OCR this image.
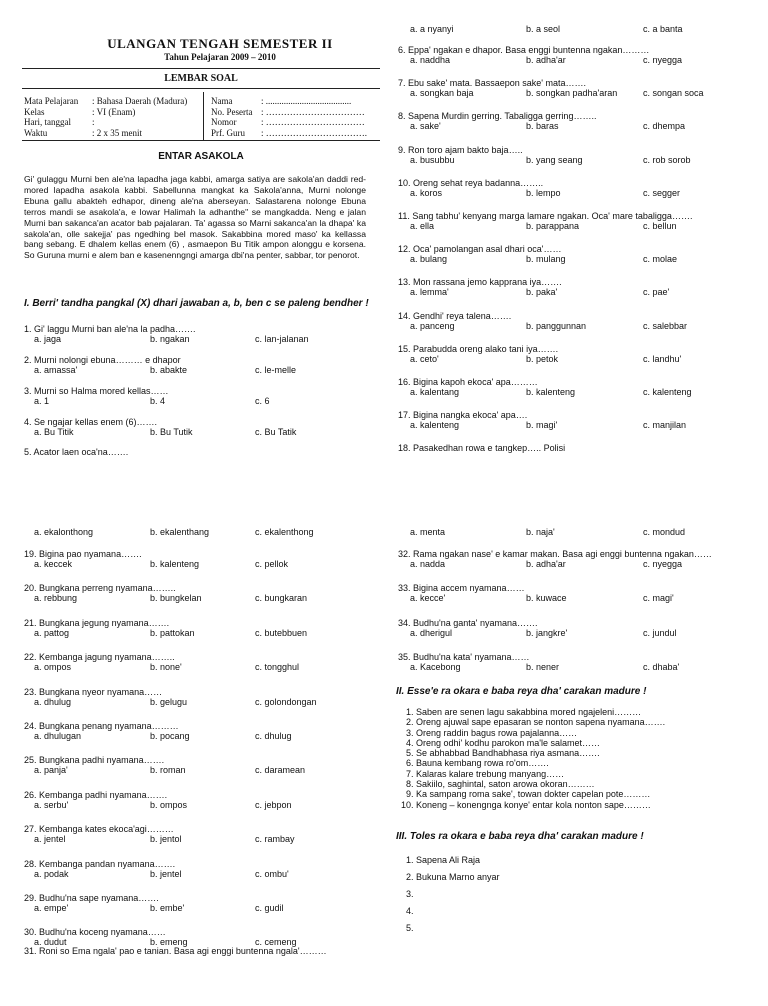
ULANGAN TENGAH SEMESTER II
Tahun Pelajaran 2009 – 2010
LEMBAR SOAL
Mata Pelajaran	: Bahasa Daerah (Madura)
Kelas	: VI (Enam)
Hari, tanggal	:
Waktu	: 2 x 35 menit
Nama	: ......................................
No. Peserta : ……………………………
Nomor	: ……………………………
Prf. Guru	: …………………………….
ENTAR ASAKOLA
Gi' gulaggu Murni ben ale'na lapadha jaga kabbi, amarga satiya are sakola'an daddi red-mored lapadha asakola kabbi. Sabellunna mangkat ka Sakola'anna, Murni nolonge Ebuna gallu abakteh edhapor, dineng ale'na aberseyan. Salastarena nolonge Ebuna terros mandi se asakola'a, e lowar Halimah la adhanthe" se mangkadda. Neng e jalan Murni ban sakanca'an acator bab pajalaran. Ta' agassa so Marni sakanca'an la dhapa' ka sakola'an, olle sakejja' pas ngedhing bel masok. Sakabbina mored maso' ka kellassa bang sebang. E dhalem kellas enem (6) , asmaepon Bu Titik ampon alonggu e korsena. So Guruna murni e alem ban e kasenenngngi amarga dbi'na penter, sabbar, tor penorot.
I. Berri' tandha pangkal (X) dhari jawaban a, b, ben c se paleng bendher !
1. Gi' laggu Murni ban ale'na la padha…….
a. jaga	b. ngakan	c. lan-jalanan
2. Murni nolongi ebuna……… e dhapor
a. amassa'	b. abakte	c. le-melle
3. Murni so Halma mored kellas……
a. 1	b. 4	c. 6
4. Se ngajar kellas enem (6)…….
a. Bu Titik	b. Bu Tutik	c. Bu Tatik
5. Acator laen oca'na…….
a. a nyanyi	b. a seol	c. a banta
6. Eppa' ngakan e dhapor. Basa enggi buntenna ngakan………
a. naddha	b. adha'ar	c. nyegga
7. Ebu sake' mata. Bassaepon sake' mata…….
a. songkan baja	b. songkan padha'aran	c. songan soca
8. Sapena Murdin gerring. Tabaligga gerring……..
a. sake'	b. baras	c. dhempa
9. Ron toro ajam bakto baja…..
a. busubbu	b. yang seang	c. rob sorob
10. Oreng sehat reya badanna……..
a. koros	b. lempo	c. segger
11. Sang tabhu' kenyang marga lamare ngakan. Oca' mare tabaligga…….
a. ella	b. parappana	c. bellun
12. Oca' pamolangan asal dhari oca'……
a. bulang	b. mulang	c. molae
13. Mon rassana jemo kapprana iya…….
a. lemma'	b. paka'	c. pae'
14. Gendhi' reya talena…….
a. panceng	b. panggunnan	c. salebbar
15. Parabudda oreng alako tani iya…….
a. ceto'	b. petok	c. landhu'
16. Bigina kapoh ekoca' apa………
a. kalentang	b. kalenteng	c. kalenteng
17. Bigina nangka ekoca' apa….
a. kalenteng	b. magi'	c. manjilan
18. Pasakedhan rowa e tangkep….. Polisi
a. ekalonthong	b. ekalenthang	c. ekalenthong
19. Bigina pao nyamana…….
a. keccek	b. kalenteng	c. pellok
20. Bungkana perreng nyamana……..
a. rebbung	b. bungkelan	c. bungkaran
21. Bungkana jegung nyamana…….
a. pattog	b. pattokan	c. butebbuen
22. Kembanga jagung nyamana……..
a. ompos	b. none'	c. tongghul
23. Bungkana nyeor nyamana……
a. dhulug	b. gelugu	c. golondongan
24. Bungkana penang nyamana………
a. dhulugan	b. pocang	c. dhulug
25. Bungkana padhi nyamana…….
a. panja'	b. roman	c. daramean
26. Kembanga padhi nyamana…….
a. serbu'	b. ompos	c. jebpon
27. Kembanga kates ekoca'agi………
a. jentel	b. jentol	c. rambay
28. Kembanga pandan nyamana…….
a. podak	b. jentel	c. ombu'
29. Budhu'na sape nyamana…….
a. empe'	b. embe'	c. gudil
30. Budhu'na koceng nyamana……
a. dudut	b. emeng	c. cemeng
31. Roni so Ema ngala' pao e tanian. Basa agi enggi buntenna ngala'………
a. menta	b. naja'	c. mondud
32. Rama ngakan nase' e kamar makan. Basa agi enggi buntenna ngakan……
a. nadda	b. adha'ar	c. nyegga
33. Bigina accem nyamana……
a. kecce'	b. kuwace	c. magi'
34. Budhu'na ganta' nyamana…….
a. dherigul	b. jangkre'	c. jundul
35. Budhu'na kata' nyamana……
a. Kacebong	b. nener	c. dhaba'
II. Esse'e ra okara e baba reya dha' carakan madure !
1. Saben are senen lagu sakabbina mored ngajeleni………
2. Oreng ajuwal sape epasaran se nonton sapena nyamana…….
3. Oreng raddin bagus rowa pajalanna……
4. Oreng odhi' kodhu parokon ma'le salamet……
5. Se abhabbad Bandhabhasa riya asmana…….
6. Bauna kembang rowa ro'om…….
7. Kalaras kalare trebung manyang……
8. Sakiilo, saghintal, saton arowa okoran………
9. Ka sampang roma sake', towan dokter capelan pote………
10. Koneng – konengnga konye' entar kola nonton sape………
III. Toles ra okara e baba reya dha' carakan madure !
1. Sapena Ali Raja
2. Bukuna Marno anyar
3.
4.
5.
